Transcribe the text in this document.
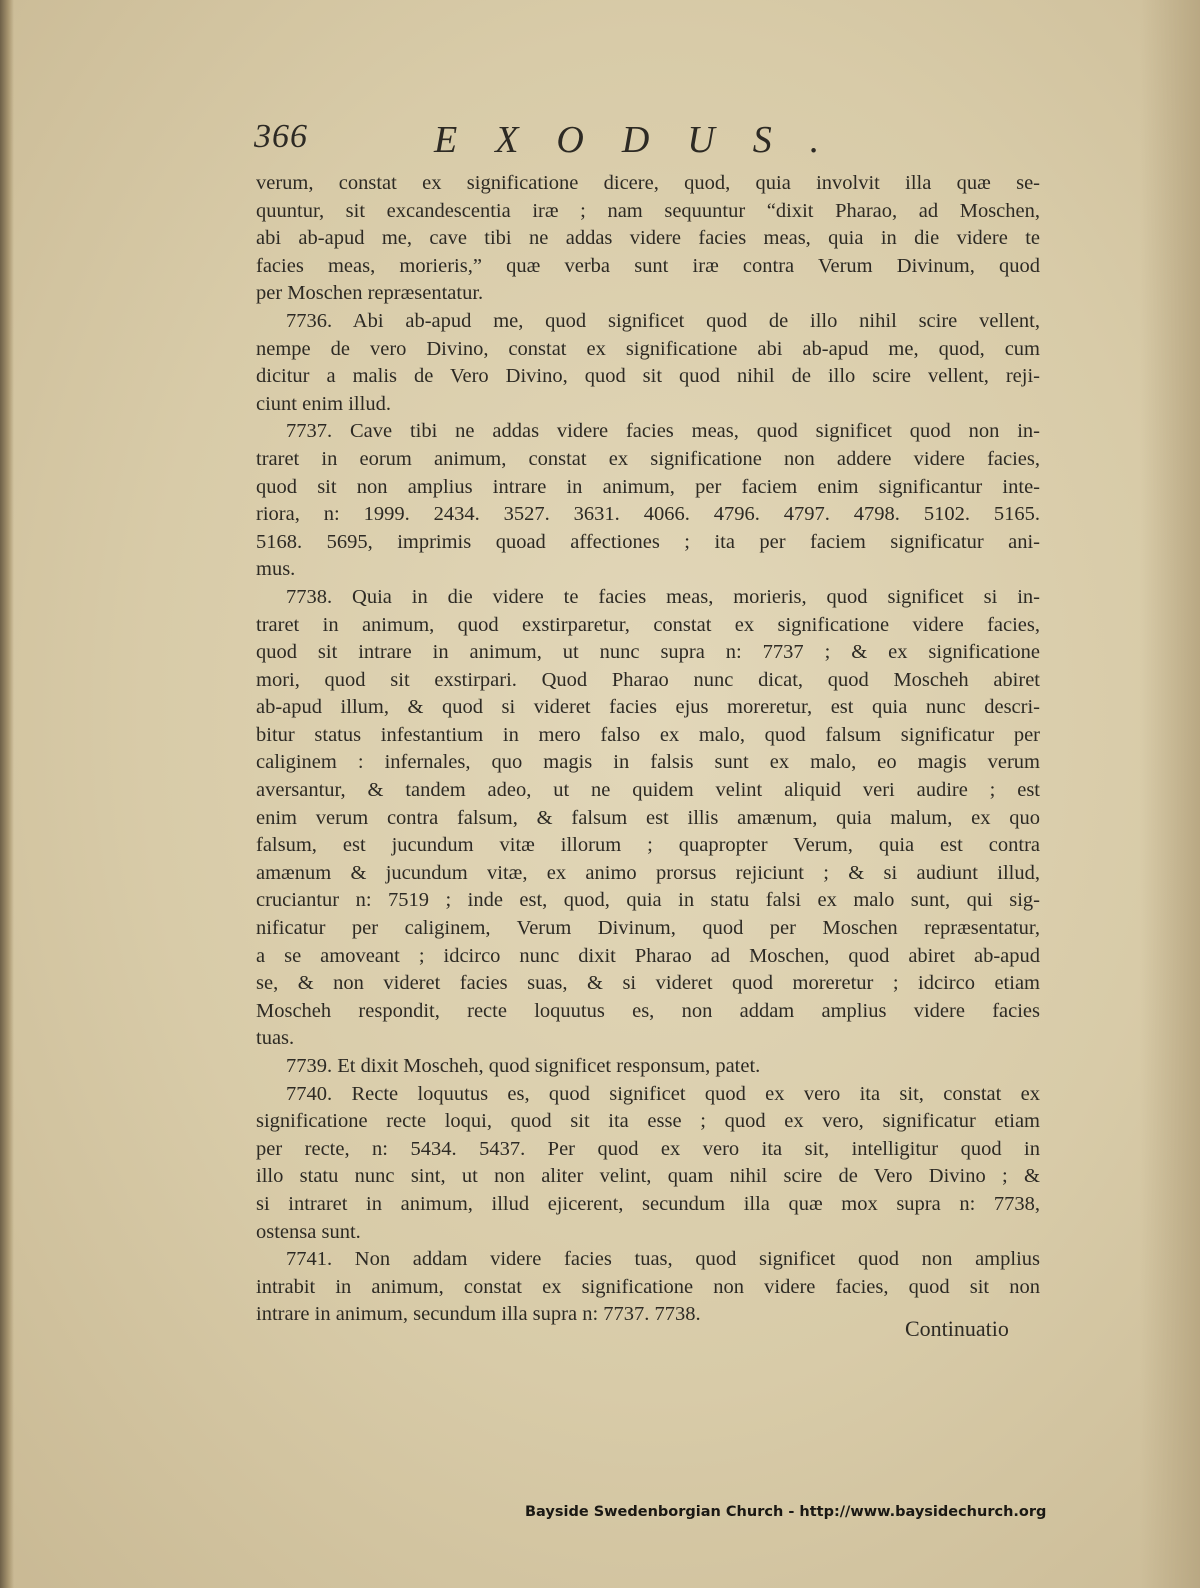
366	EXODUS.
verum, constat ex significatione dicere, quod, quia involvit illa quæ se-
quuntur, sit excandescentia iræ ; nam sequuntur “dixit Pharao, ad Moschen,
abi ab-apud me, cave tibi ne addas videre facies meas, quia in die videre te
facies meas, morieris,” quæ verba sunt iræ contra Verum Divinum, quod
per Moschen repræsentatur.
7736. Abi ab-apud me, quod significet quod de illo nihil scire vellent,
nempe de vero Divino, constat ex significatione abi ab-apud me, quod, cum
dicitur a malis de Vero Divino, quod sit quod nihil de illo scire vellent, reji-
ciunt enim illud.
7737. Cave tibi ne addas videre facies meas, quod significet quod non in-
traret in eorum animum, constat ex significatione non addere videre facies,
quod sit non amplius intrare in animum, per faciem enim significantur inte-
riora, n: 1999. 2434. 3527. 3631. 4066. 4796. 4797. 4798. 5102. 5165.
5168. 5695, imprimis quoad affectiones ; ita per faciem significatur ani-
mus.
7738. Quia in die videre te facies meas, morieris, quod significet si in-
traret in animum, quod exstirparetur, constat ex significatione videre facies,
quod sit intrare in animum, ut nunc supra n: 7737 ; & ex significatione
mori, quod sit exstirpari. Quod Pharao nunc dicat, quod Moscheh abiret
ab-apud illum, & quod si videret facies ejus moreretur, est quia nunc descri-
bitur status infestantium in mero falso ex malo, quod falsum significatur per
caliginem : infernales, quo magis in falsis sunt ex malo, eo magis verum
aversantur, & tandem adeo, ut ne quidem velint aliquid veri audire ; est
enim verum contra falsum, & falsum est illis amænum, quia malum, ex quo
falsum, est jucundum vitæ illorum ; quapropter Verum, quia est contra
amænum & jucundum vitæ, ex animo prorsus rejiciunt ; & si audiunt illud,
cruciantur n: 7519 ; inde est, quod, quia in statu falsi ex malo sunt, qui sig-
nificatur per caliginem, Verum Divinum, quod per Moschen repræsentatur,
a se amoveant ; idcirco nunc dixit Pharao ad Moschen, quod abiret ab-apud
se, & non videret facies suas, & si videret quod moreretur ; idcirco etiam
Moscheh respondit, recte loquutus es, non addam amplius videre facies
tuas.
7739. Et dixit Moscheh, quod significet responsum, patet.
7740. Recte loquutus es, quod significet quod ex vero ita sit, constat ex
significatione recte loqui, quod sit ita esse ; quod ex vero, significatur etiam
per recte, n: 5434. 5437. Per quod ex vero ita sit, intelligitur quod in
illo statu nunc sint, ut non aliter velint, quam nihil scire de Vero Divino ; &
si intraret in animum, illud ejicerent, secundum illa quæ mox supra n: 7738,
ostensa sunt.
7741. Non addam videre facies tuas, quod significet quod non amplius
intrabit in animum, constat ex significatione non videre facies, quod sit non
intrare in animum, secundum illa supra n: 7737. 7738.
Continuatio
Bayside Swedenborgian Church - http://www.baysidechurch.org
